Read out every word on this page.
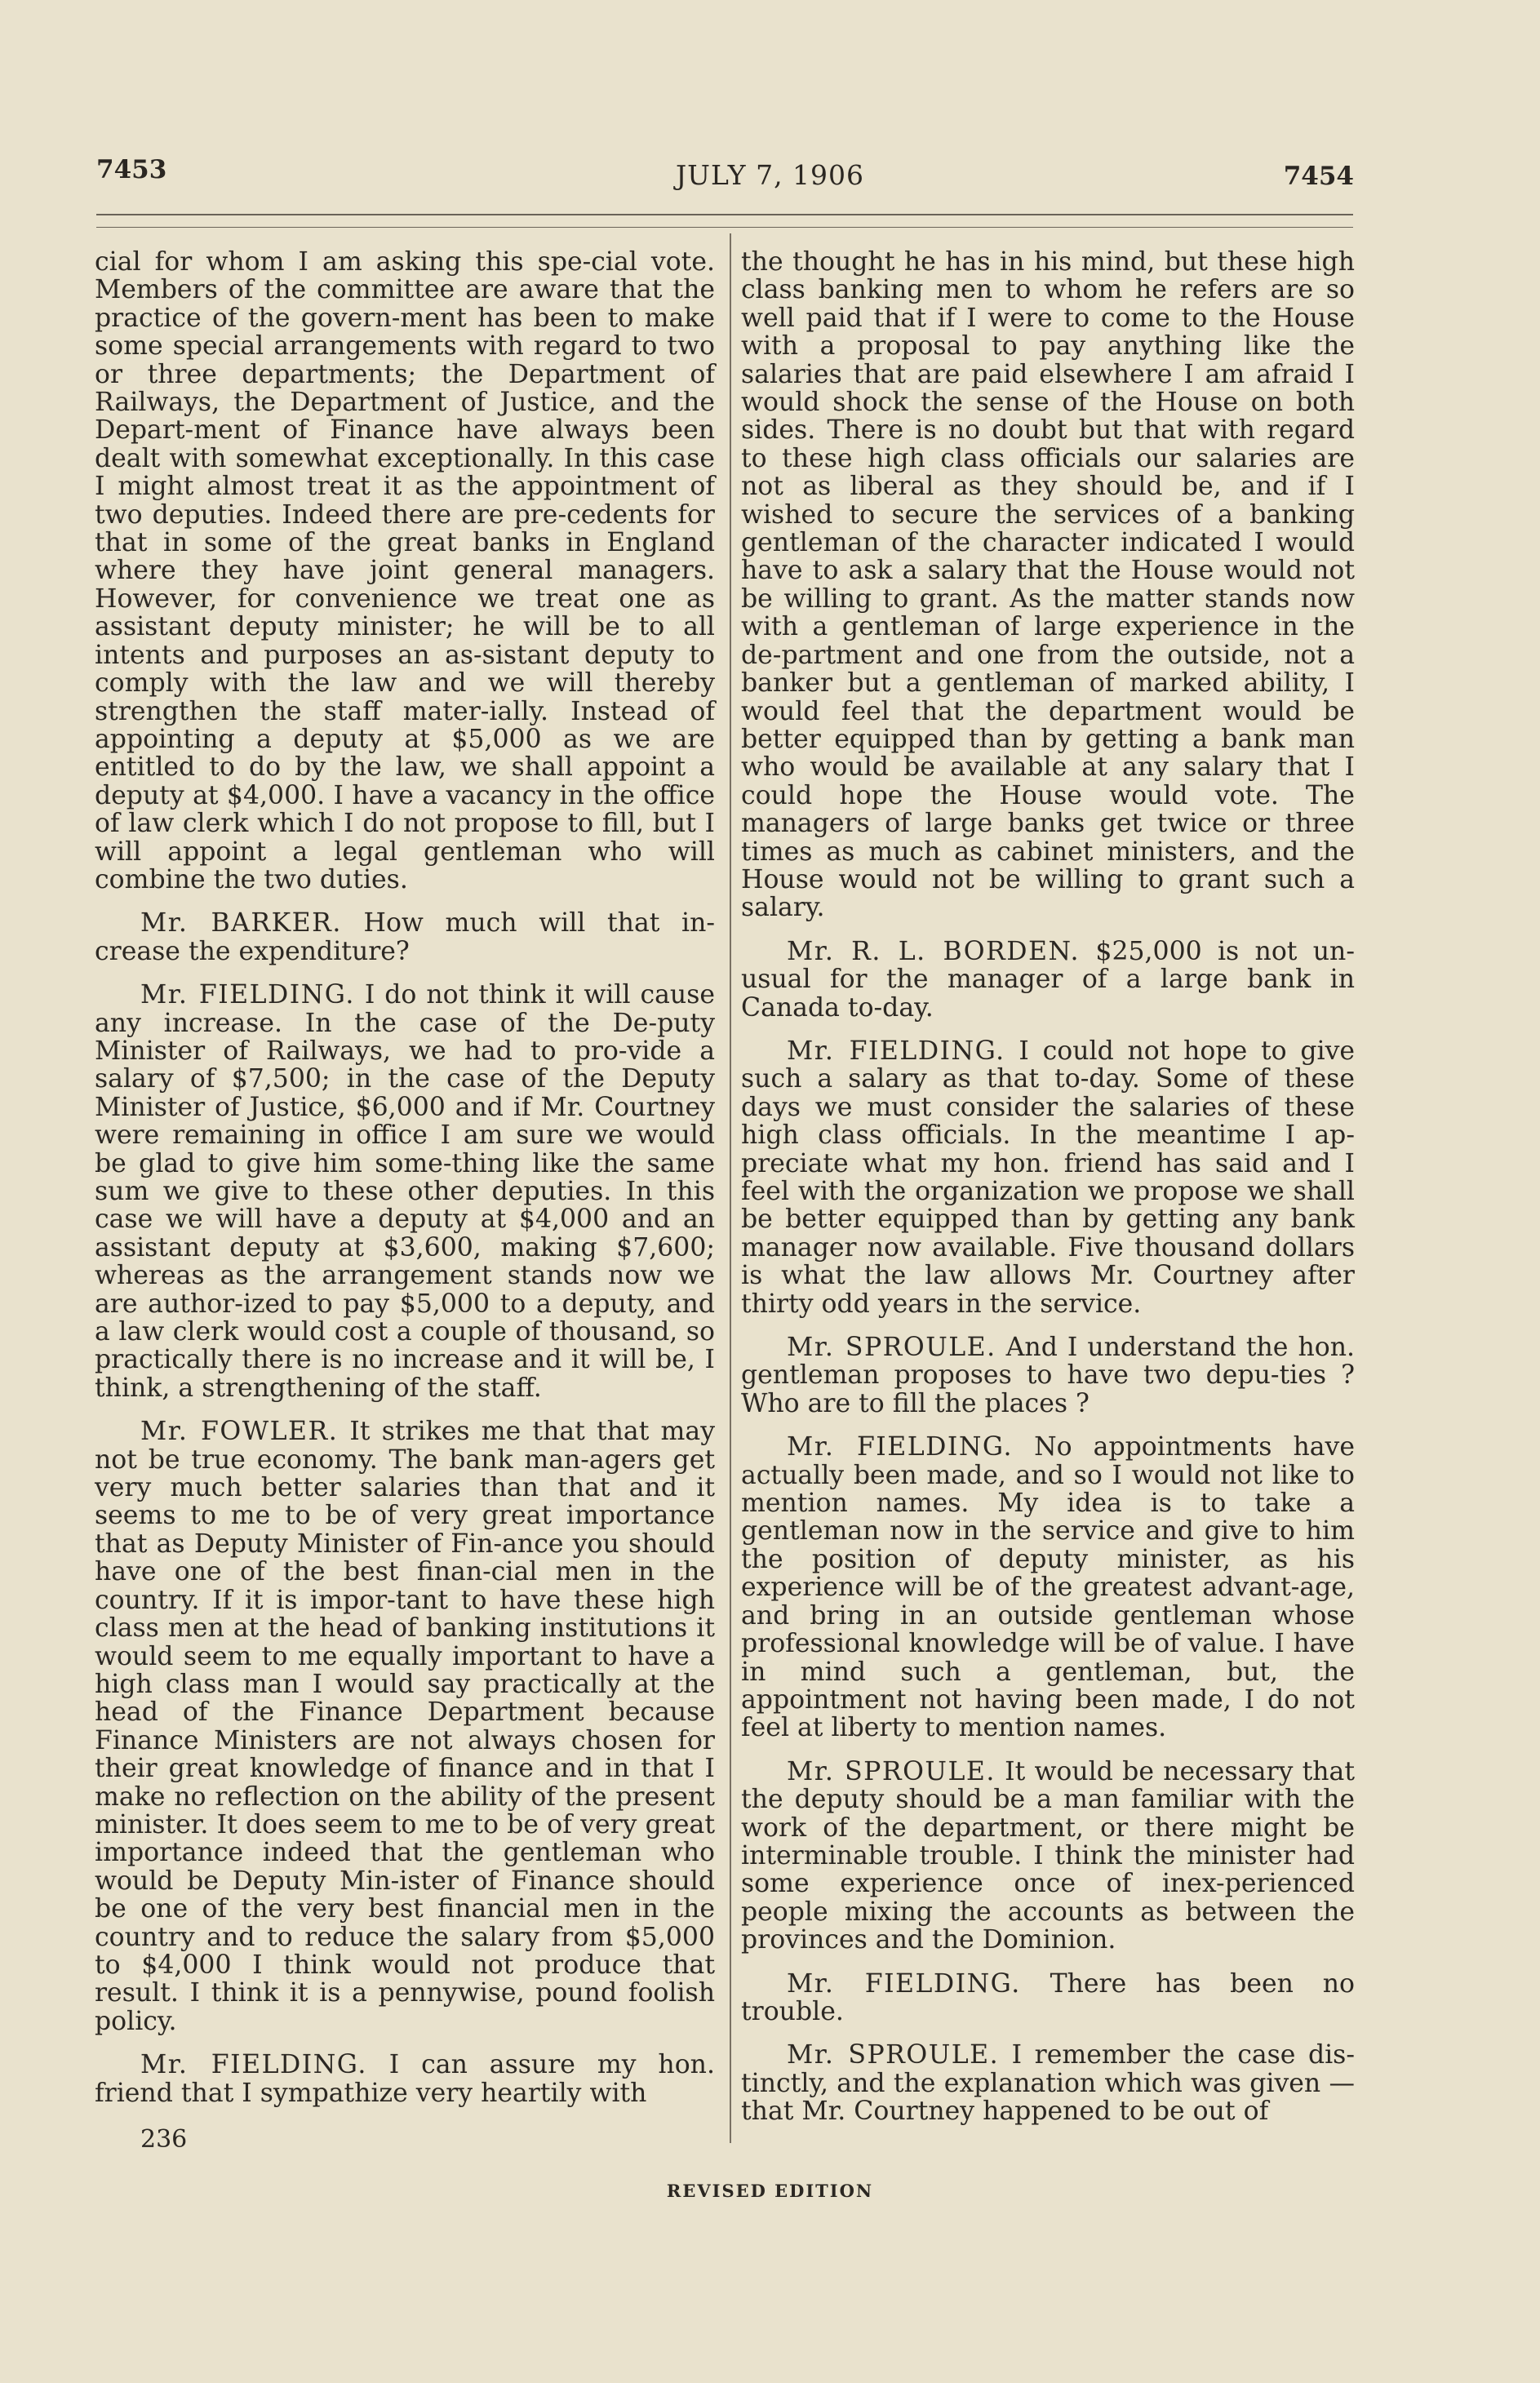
7453	JULY 7, 1906	7454

cial for whom I am asking this spe-cial vote. Members of the committee are aware that the practice of the govern-ment has been to make some special arrangements with regard to two or three departments; the Department of Railways, the Department of Justice, and the Depart-ment of Finance have always been dealt with somewhat exceptionally. In this case I might almost treat it as the appointment of two deputies. Indeed there are pre-cedents for that in some of the great banks in England where they have joint general managers. However, for convenience we treat one as assistant deputy minister; he will be to all intents and purposes an as-sistant deputy to comply with the law and we will thereby strengthen the staff mater-ially. Instead of appointing a deputy at $5,000 as we are entitled to do by the law, we shall appoint a deputy at $4,000. I have a vacancy in the office of law clerk which I do not propose to fill, but I will appoint a legal gentleman who will combine the two duties.

Mr. BARKER. How much will that in-crease the expenditure?

Mr. FIELDING. I do not think it will cause any increase. In the case of the De-puty Minister of Railways, we had to pro-vide a salary of $7,500; in the case of the Deputy Minister of Justice, $6,000 and if Mr. Courtney were remaining in office I am sure we would be glad to give him some-thing like the same sum we give to these other deputies. In this case we will have a deputy at $4,000 and an assistant deputy at $3,600, making $7,600; whereas as the arrangement stands now we are author-ized to pay $5,000 to a deputy, and a law clerk would cost a couple of thousand, so practically there is no increase and it will be, I think, a strengthening of the staff.

Mr. FOWLER. It strikes me that that may not be true economy. The bank man-agers get very much better salaries than that and it seems to me to be of very great importance that as Deputy Minister of Fin-ance you should have one of the best finan-cial men in the country. If it is impor-tant to have these high class men at the head of banking institutions it would seem to me equally important to have a high class man I would say practically at the head of the Finance Department because Finance Ministers are not always chosen for their great knowledge of finance and in that I make no reflection on the ability of the present minister. It does seem to me to be of very great importance indeed that the gentleman who would be Deputy Min-ister of Finance should be one of the very best financial men in the country and to reduce the salary from $5,000 to $4,000 I think would not produce that result. I think it is a pennywise, pound foolish policy.

Mr. FIELDING. I can assure my hon. friend that I sympathize very heartily with

the thought he has in his mind, but these high class banking men to whom he refers are so well paid that if I were to come to the House with a proposal to pay anything like the salaries that are paid elsewhere I am afraid I would shock the sense of the House on both sides. There is no doubt but that with regard to these high class officials our salaries are not as liberal as they should be, and if I wished to secure the services of a banking gentleman of the character indicated I would have to ask a salary that the House would not be willing to grant. As the matter stands now with a gentleman of large experience in the de-partment and one from the outside, not a banker but a gentleman of marked ability, I would feel that the department would be better equipped than by getting a bank man who would be available at any salary that I could hope the House would vote. The managers of large banks get twice or three times as much as cabinet ministers, and the House would not be willing to grant such a salary.

Mr. R. L. BORDEN. $25,000 is not un-usual for the manager of a large bank in Canada to-day.

Mr. FIELDING. I could not hope to give such a salary as that to-day. Some of these days we must consider the salaries of these high class officials. In the meantime I ap-preciate what my hon. friend has said and I feel with the organization we propose we shall be better equipped than by getting any bank manager now available. Five thousand dollars is what the law allows Mr. Courtney after thirty odd years in the service.

Mr. SPROULE. And I understand the hon. gentleman proposes to have two depu-ties ? Who are to fill the places ?

Mr. FIELDING. No appointments have actually been made, and so I would not like to mention names. My idea is to take a gentleman now in the service and give to him the position of deputy minister, as his experience will be of the greatest advant-age, and bring in an outside gentleman whose professional knowledge will be of value. I have in mind such a gentleman, but, the appointment not having been made, I do not feel at liberty to mention names.

Mr. SPROULE. It would be necessary that the deputy should be a man familiar with the work of the department, or there might be interminable trouble. I think the minister had some experience once of inex-perienced people mixing the accounts as between the provinces and the Dominion.

Mr. FIELDING. There has been no trouble.

Mr. SPROULE. I remember the case dis-tinctly, and the explanation which was given —that Mr. Courtney happened to be out of

236
REVISED EDITION
